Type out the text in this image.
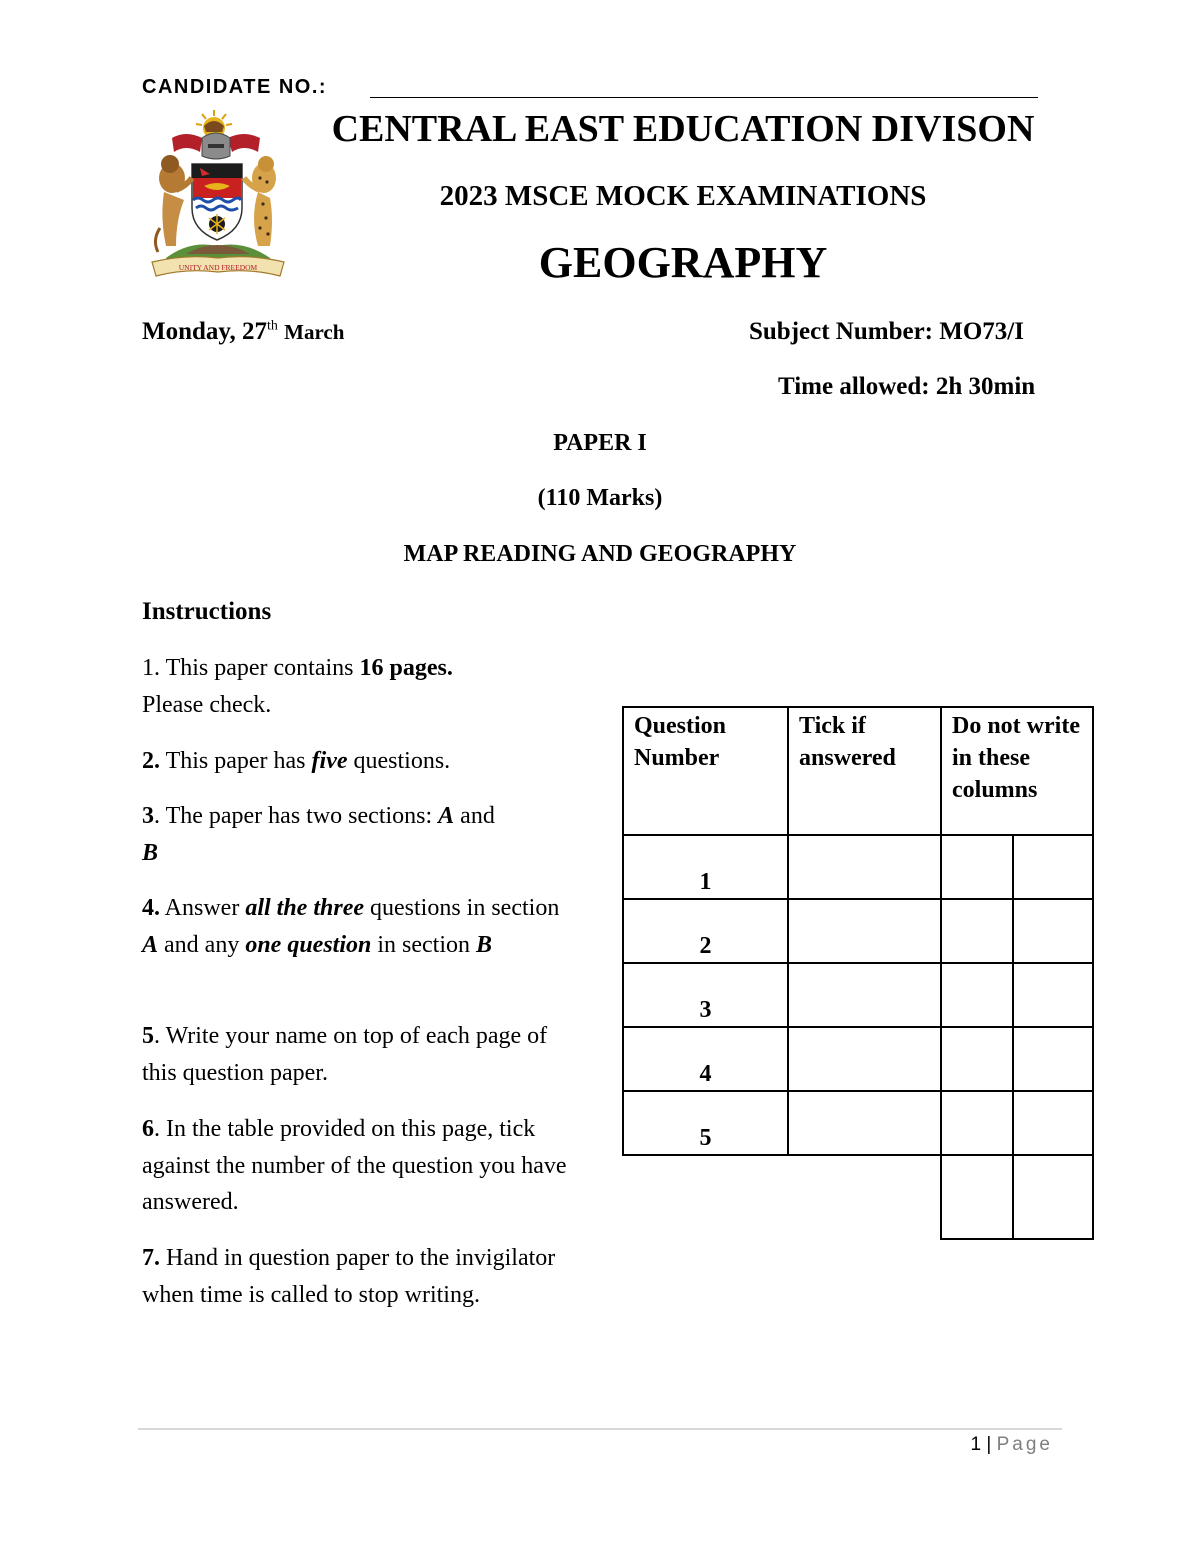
CANDIDATE NO.:
UNITY AND FREEDOM
CENTRAL EAST EDUCATION DIVISON
2023 MSCE MOCK EXAMINATIONS
GEOGRAPHY
Monday, 27th March	Subject Number: MO73/I
Time allowed: 2h 30min
PAPER I
(110 Marks)
MAP READING AND GEOGRAPHY
Instructions
1. This paper contains 16 pages.
Please check.
2. This paper has five questions.
3. The paper has two sections: A and
B
4. Answer all the three questions in section A and any one question in section B
5. Write your name on top of each page of this question paper.
6. In the table provided on this page, tick against the number of the question you have answered.
7. Hand in question paper to the invigilator when time is called to stop writing.
Question Number	Tick if answered	Do not write in these columns	
1			
2			
3			
4			
5			

1 | Page
